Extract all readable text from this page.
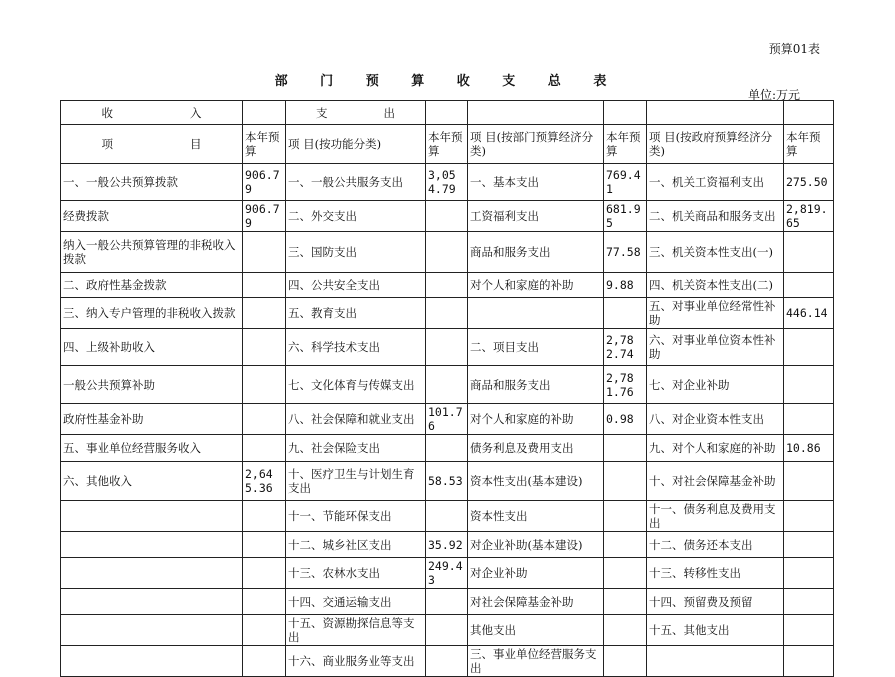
预算01表
部 门 预 算 收 支 总 表
单位:万元
收 入		支 出					

项 目	本年预算	项 目(按功能分类)	本年预算	项 目(按部门预算经济分类)	本年预算	项 目(按政府预算经济分类)	本年预算
一、一般公共预算拨款	906.79	一、一般公共服务支出	3,054.79	一、基本支出	769.41	一、机关工资福利支出	275.50
经费拨款	906.79	二、外交支出		工资福利支出	681.95	二、机关商品和服务支出	2,819.65
纳入一般公共预算管理的非税收入拨款		三、国防支出		商品和服务支出	77.58	三、机关资本性支出(一)	
二、政府性基金拨款		四、公共安全支出		对个人和家庭的补助	9.88	四、机关资本性支出(二)	
三、纳入专户管理的非税收入拨款		五、教育支出				五、对事业单位经常性补助	446.14
四、上级补助收入		六、科学技术支出		二、项目支出	2,782.74	六、对事业单位资本性补助	
一般公共预算补助		七、文化体育与传媒支出		商品和服务支出	2,781.76	七、对企业补助	
政府性基金补助		八、社会保障和就业支出	101.76	对个人和家庭的补助	0.98	八、对企业资本性支出	
五、事业单位经营服务收入		九、社会保险支出		债务利息及费用支出		九、对个人和家庭的补助	10.86
六、其他收入	2,645.36	十、医疗卫生与计划生育支出	58.53	资本性支出(基本建设)		十、对社会保障基金补助	
		十一、节能环保支出		资本性支出		十一、债务利息及费用支出	
		十二、城乡社区支出	35.92	对企业补助(基本建设)		十二、债务还本支出	
		十三、农林水支出	249.43	对企业补助		十三、转移性支出	
		十四、交通运输支出		对社会保障基金补助		十四、预留费及预留	
		十五、资源勘探信息等支出		其他支出		十五、其他支出	
		十六、商业服务业等支出		三、事业单位经营服务支出			
